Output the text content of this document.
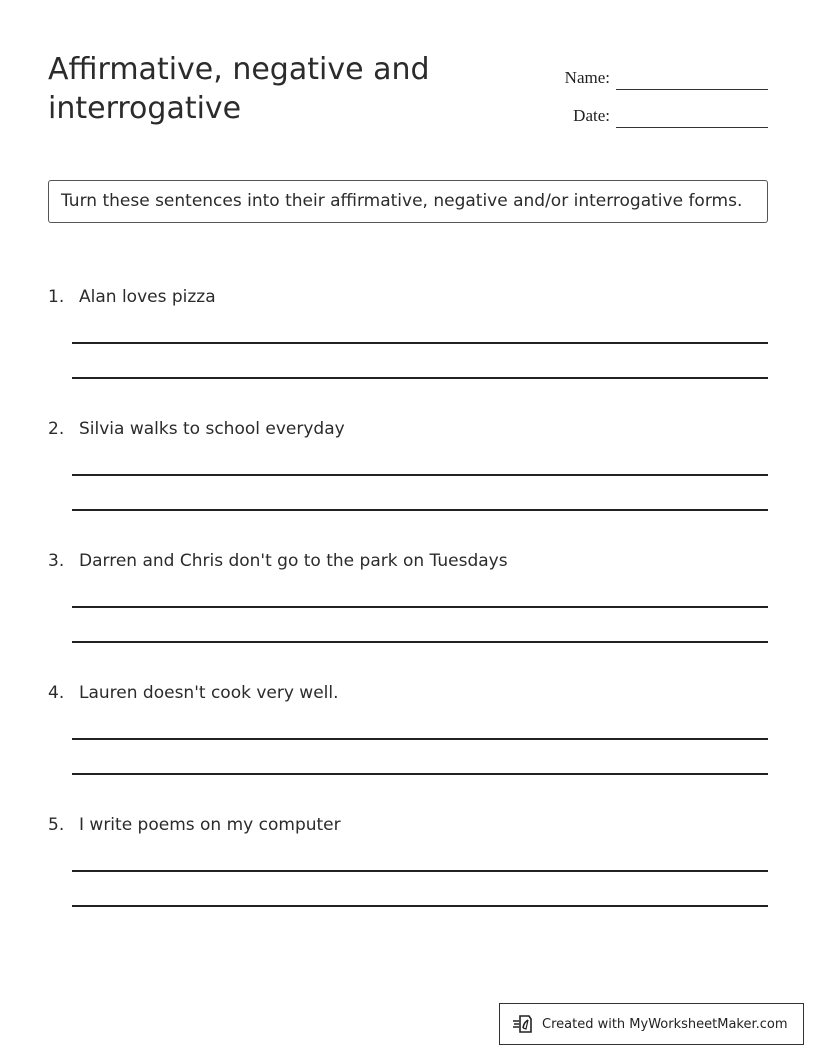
Affirmative, negative and interrogative
Name:
Date:
Turn these sentences into their affirmative, negative and/or interrogative forms.
1. Alan loves pizza
2. Silvia walks to school everyday
3. Darren and Chris don't go to the park on Tuesdays
4. Lauren doesn't cook very well.
5. I write poems on my computer
Created with MyWorksheetMaker.com
